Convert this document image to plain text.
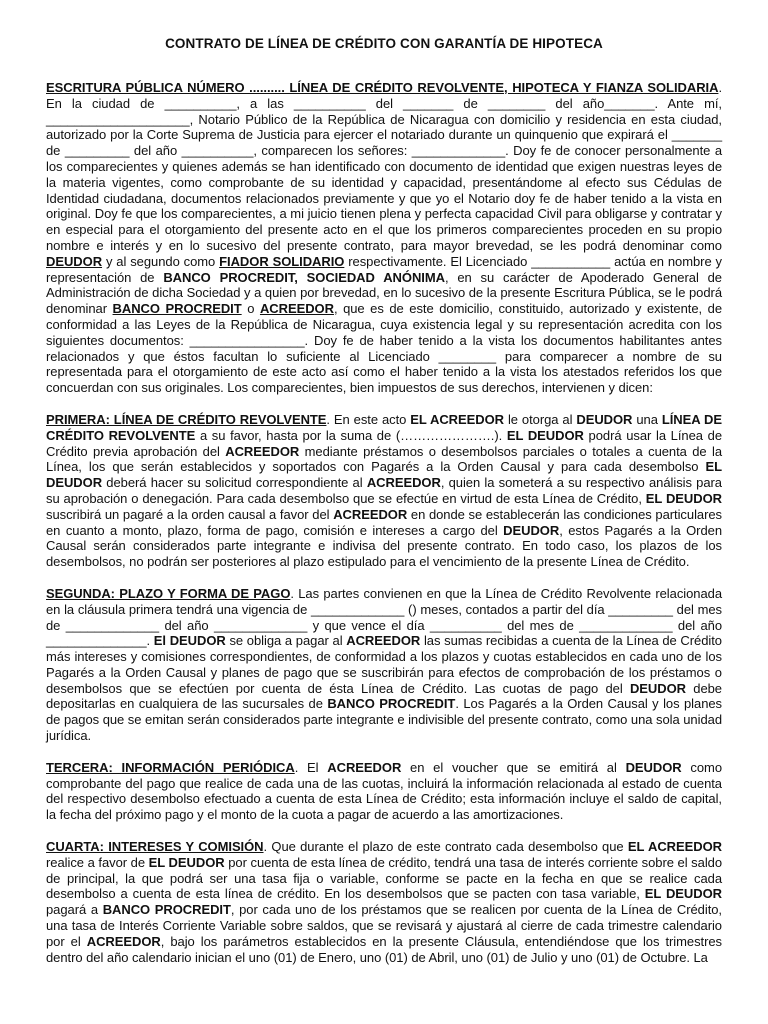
CONTRATO DE LÍNEA DE CRÉDITO CON GARANTÍA DE HIPOTECA

ESCRITURA PÚBLICA NÚMERO .......... LÍNEA DE CRÉDITO REVOLVENTE, HIPOTECA Y FIANZA SOLIDARIA. En la ciudad de __________, a las __________ del _______ de ________ del año_______. Ante mí, ____________________, Notario Público de la República de Nicaragua con domicilio y residencia en esta ciudad, autorizado por la Corte Suprema de Justicia para ejercer el notariado durante un quinquenio que expirará el _______ de _________ del año __________, comparecen los señores: _____________. Doy fe de conocer personalmente a los comparecientes y quienes además se han identificado con documento de identidad que exigen nuestras leyes de la materia vigentes, como comprobante de su identidad y capacidad, presentándome al efecto sus Cédulas de Identidad ciudadana, documentos relacionados previamente y que yo el Notario doy fe de haber tenido a la vista en original. Doy fe que los comparecientes, a mi juicio tienen plena y perfecta capacidad Civil para obligarse y contratar y en especial para el otorgamiento del presente acto en el que los primeros comparecientes proceden en su propio nombre e interés y en lo sucesivo del presente contrato, para mayor brevedad, se les podrá denominar como DEUDOR y al segundo como FIADOR SOLIDARIO respectivamente. El Licenciado ___________ actúa en nombre y representación de BANCO PROCREDIT, SOCIEDAD ANÓNIMA, en su carácter de Apoderado General de Administración de dicha Sociedad y a quien por brevedad, en lo sucesivo de la presente Escritura Pública, se le podrá denominar BANCO PROCREDIT o ACREEDOR, que es de este domicilio, constituido, autorizado y existente, de conformidad a las Leyes de la República de Nicaragua, cuya existencia legal y su representación acredita con los siguientes documentos: ________________. Doy fe de haber tenido a la vista los documentos habilitantes antes relacionados y que éstos facultan lo suficiente al Licenciado ________ para comparecer a nombre de su representada para el otorgamiento de este acto así como el haber tenido a la vista los atestados referidos los que concuerdan con sus originales. Los comparecientes, bien impuestos de sus derechos, intervienen y dicen:

PRIMERA: LÍNEA DE CRÉDITO REVOLVENTE. En este acto EL ACREEDOR le otorga al DEUDOR una LÍNEA DE CRÉDITO REVOLVENTE a su favor, hasta por la suma de (………………….). EL DEUDOR podrá usar la Línea de Crédito previa aprobación del ACREEDOR mediante préstamos o desembolsos parciales o totales a cuenta de la Línea, los que serán establecidos y soportados con Pagarés a la Orden Causal y para cada desembolso EL DEUDOR deberá hacer su solicitud correspondiente al ACREEDOR, quien la someterá a su respectivo análisis para su aprobación o denegación. Para cada desembolso que se efectúe en virtud de esta Línea de Crédito, EL DEUDOR suscribirá un pagaré a la orden causal a favor del ACREEDOR en donde se establecerán las condiciones particulares en cuanto a monto, plazo, forma de pago, comisión e intereses a cargo del DEUDOR, estos Pagarés a la Orden Causal serán considerados parte integrante e indivisa del presente contrato. En todo caso, los plazos de los desembolsos, no podrán ser posteriores al plazo estipulado para el vencimiento de la presente Línea de Crédito.

SEGUNDA: PLAZO Y FORMA DE PAGO. Las partes convienen en que la Línea de Crédito Revolvente relacionada en la cláusula primera tendrá una vigencia de _____________ () meses, contados a partir del día _________ del mes de _____________ del año _____________ y que vence el día __________ del mes de _____________ del año ______________. El DEUDOR se obliga a pagar al ACREEDOR las sumas recibidas a cuenta de la Línea de Crédito más intereses y comisiones correspondientes, de conformidad a los plazos y cuotas establecidos en cada uno de los Pagarés a la Orden Causal y planes de pago que se suscribirán para efectos de comprobación de los préstamos o desembolsos que se efectúen por cuenta de ésta Línea de Crédito. Las cuotas de pago del DEUDOR debe depositarlas en cualquiera de las sucursales de BANCO PROCREDIT. Los Pagarés a la Orden Causal y los planes de pagos que se emitan serán considerados parte integrante e indivisible del presente contrato, como una sola unidad jurídica.

TERCERA: INFORMACIÓN PERIÓDICA. El ACREEDOR en el voucher que se emitirá al DEUDOR como comprobante del pago que realice de cada una de las cuotas, incluirá la información relacionada al estado de cuenta del respectivo desembolso efectuado a cuenta de esta Línea de Crédito; esta información incluye el saldo de capital, la fecha del próximo pago y el monto de la cuota a pagar de acuerdo a las amortizaciones.

CUARTA: INTERESES Y COMISIÓN. Que durante el plazo de este contrato cada desembolso que EL ACREEDOR realice a favor de EL DEUDOR por cuenta de esta línea de crédito, tendrá una tasa de interés corriente sobre el saldo de principal, la que podrá ser una tasa fija o variable, conforme se pacte en la fecha en que se realice cada desembolso a cuenta de esta línea de crédito. En los desembolsos que se pacten con tasa variable, EL DEUDOR pagará a BANCO PROCREDIT, por cada uno de los préstamos que se realicen por cuenta de la Línea de Crédito, una tasa de Interés Corriente Variable sobre saldos, que se revisará y ajustará al cierre de cada trimestre calendario por el ACREEDOR, bajo los parámetros establecidos en la presente Cláusula, entendiéndose que los trimestres dentro del año calendario inician el uno (01) de Enero, uno (01) de Abril, uno (01) de Julio y uno (01) de Octubre. La
